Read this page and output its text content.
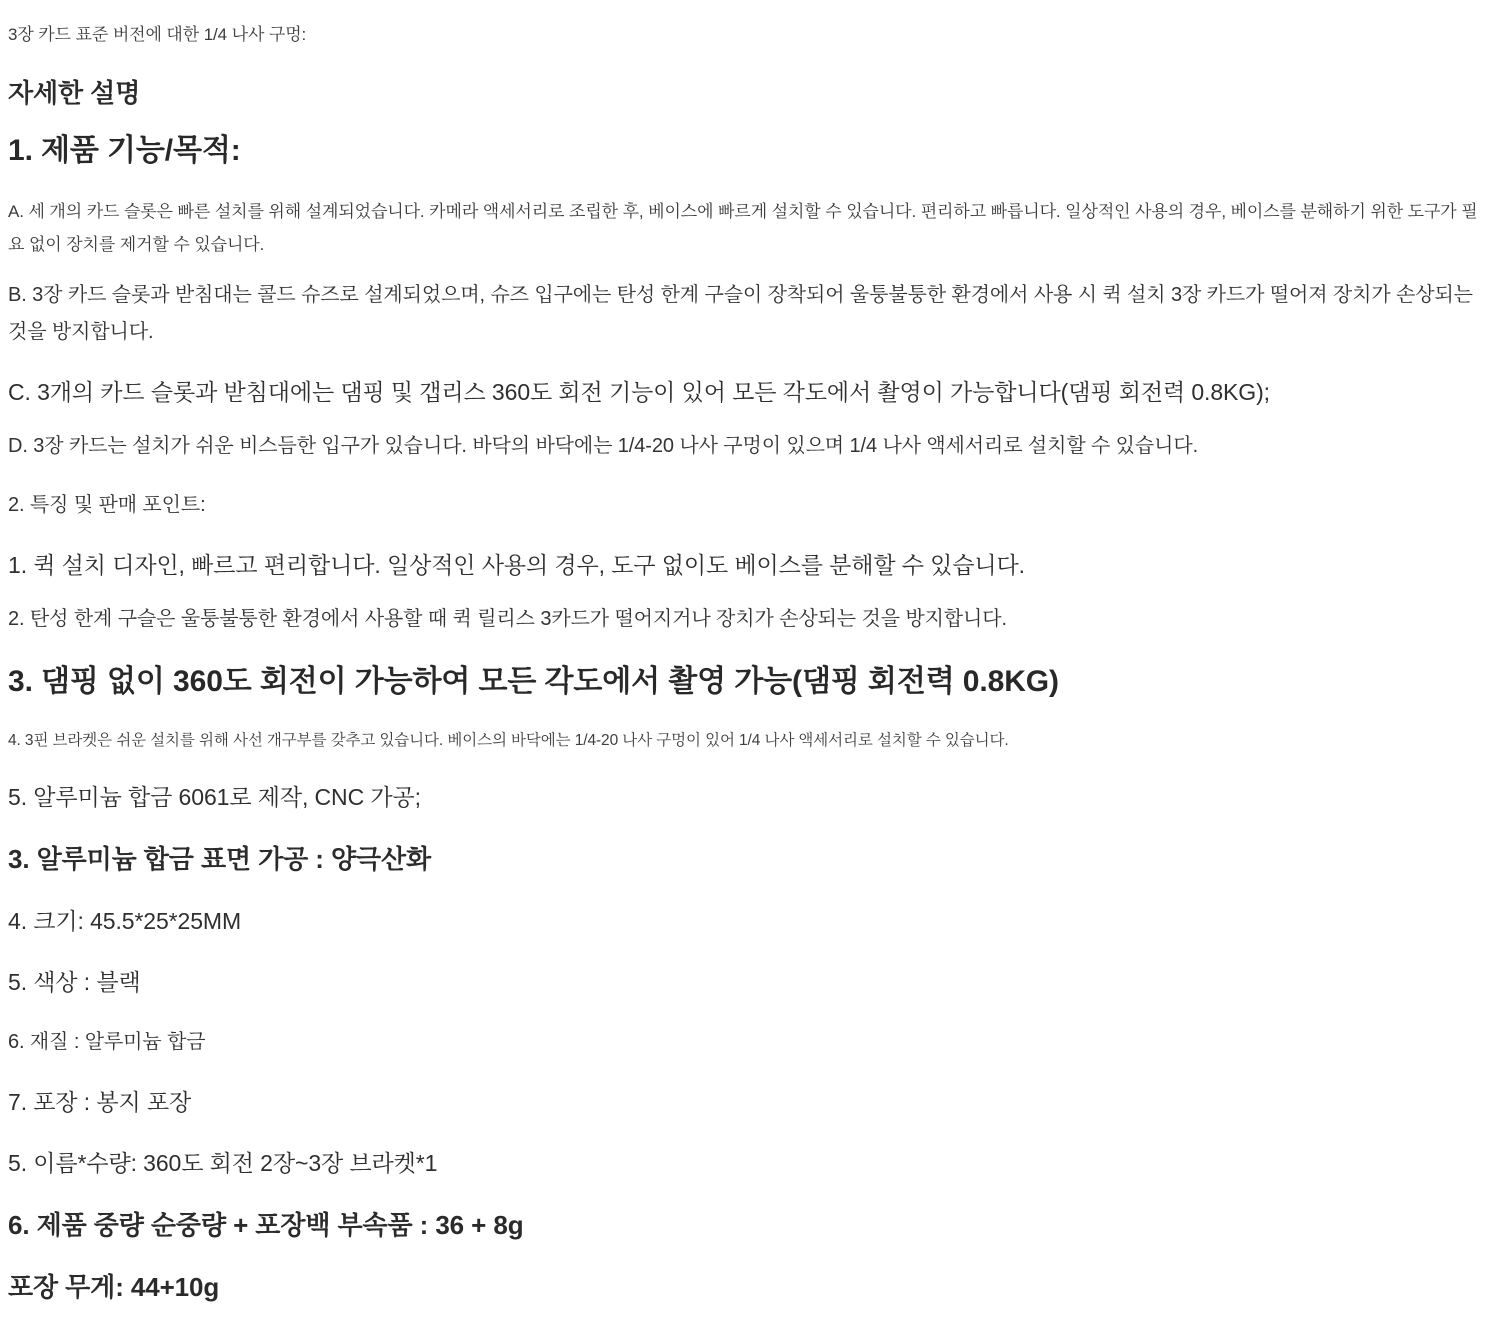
3장 카드 표준 버전에 대한 1/4 나사 구멍:

자세한 설명

1. 제품 기능/목적:

A. 세 개의 카드 슬롯은 빠른 설치를 위해 설계되었습니다. 카메라 액세서리로 조립한 후, 베이스에 빠르게 설치할 수 있습니다. 편리하고 빠릅니다. 일상적인 사용의 경우, 베이스를 분해하기 위한 도구가 필요 없이 장치를 제거할 수 있습니다.

B. 3장 카드 슬롯과 받침대는 콜드 슈즈로 설계되었으며, 슈즈 입구에는 탄성 한계 구슬이 장착되어 울퉁불퉁한 환경에서 사용 시 퀵 설치 3장 카드가 떨어져 장치가 손상되는 것을 방지합니다.

C. 3개의 카드 슬롯과 받침대에는 댐핑 및 갭리스 360도 회전 기능이 있어 모든 각도에서 촬영이 가능합니다(댐핑 회전력 0.8KG);

D. 3장 카드는 설치가 쉬운 비스듬한 입구가 있습니다. 바닥의 바닥에는 1/4-20 나사 구멍이 있으며 1/4 나사 액세서리로 설치할 수 있습니다.

2. 특징 및 판매 포인트:

1. 퀵 설치 디자인, 빠르고 편리합니다. 일상적인 사용의 경우, 도구 없이도 베이스를 분해할 수 있습니다.

2. 탄성 한계 구슬은 울퉁불퉁한 환경에서 사용할 때 퀵 릴리스 3카드가 떨어지거나 장치가 손상되는 것을 방지합니다.

3. 댐핑 없이 360도 회전이 가능하여 모든 각도에서 촬영 가능(댐핑 회전력 0.8KG)

4. 3핀 브라켓은 쉬운 설치를 위해 사선 개구부를 갖추고 있습니다. 베이스의 바닥에는 1/4-20 나사 구멍이 있어 1/4 나사 액세서리로 설치할 수 있습니다.

5. 알루미늄 합금 6061로 제작, CNC 가공;

3. 알루미늄 합금 표면 가공 : 양극산화

4. 크기: 45.5*25*25MM

5. 색상 : 블랙

6. 재질 : 알루미늄 합금

7. 포장 : 봉지 포장

5. 이름*수량: 360도 회전 2장~3장 브라켓*1

6. 제품 중량 순중량 + 포장백 부속품 : 36 + 8g

포장 무게: 44+10g
